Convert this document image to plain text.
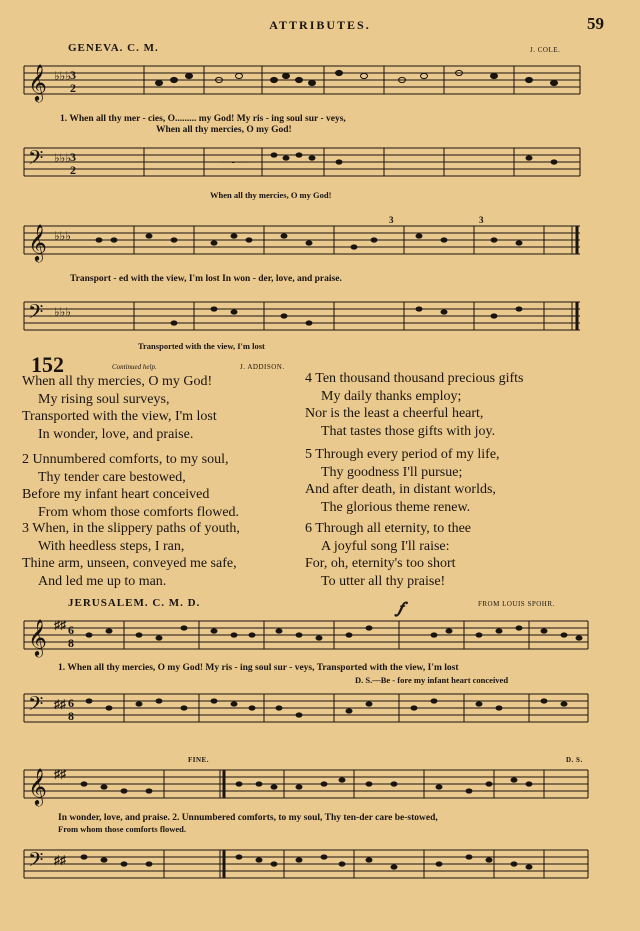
ATTRIBUTES.	59
GENEVA. C. M.	J. COLE.
𝄞 ♭♭♭ 3
2
1. When all thy mer - cies, O......... my God! My ris - ing soul sur - veys,
When all thy mercies, O my God!
𝄢 ♭♭♭ 3
2
— - —
When all thy mercies, O my God!
𝄞 ♭♭♭
3	3
Transport - ed with the view, I'm lost In won - der, love, and praise.
𝄢 ♭♭♭
Transported with the view, I'm lost
152	Continued help.	J. ADDISON.
When all thy mercies, O my God!
My rising soul surveys,
Transported with the view, I'm lost
In wonder, love, and praise.
2 Unnumbered comforts, to my soul,
Thy tender care bestowed,
Before my infant heart conceived
From whom those comforts flowed.
3 When, in the slippery paths of youth,
With heedless steps, I ran,
Thine arm, unseen, conveyed me safe,
And led me up to man.
4 Ten thousand thousand precious gifts
My daily thanks employ;
Nor is the least a cheerful heart,
That tastes those gifts with joy.
5 Through every period of my life,
Thy goodness I'll pursue;
And after death, in distant worlds,
The glorious theme renew.
6 Through all eternity, to thee
A joyful song I'll raise:
For, oh, eternity's too short
To utter all thy praise!
JERUSALEM. C. M. D.	FROM LOUIS SPOHR.
𝆑
𝄞 ♯♯ 6
8
1. When all thy mercies, O my God! My ris - ing soul sur - veys, Transported with the view, I'm lost
D. S.—Be - fore my infant heart conceived
𝄢 ♯♯ 6
8
FINE.	D. S.
𝄞 ♯♯
In wonder, love, and praise. 2. Unnumbered comforts, to my soul, Thy ten-der care be-stowed,
From whom those comforts flowed.
𝄢 ♯♯
